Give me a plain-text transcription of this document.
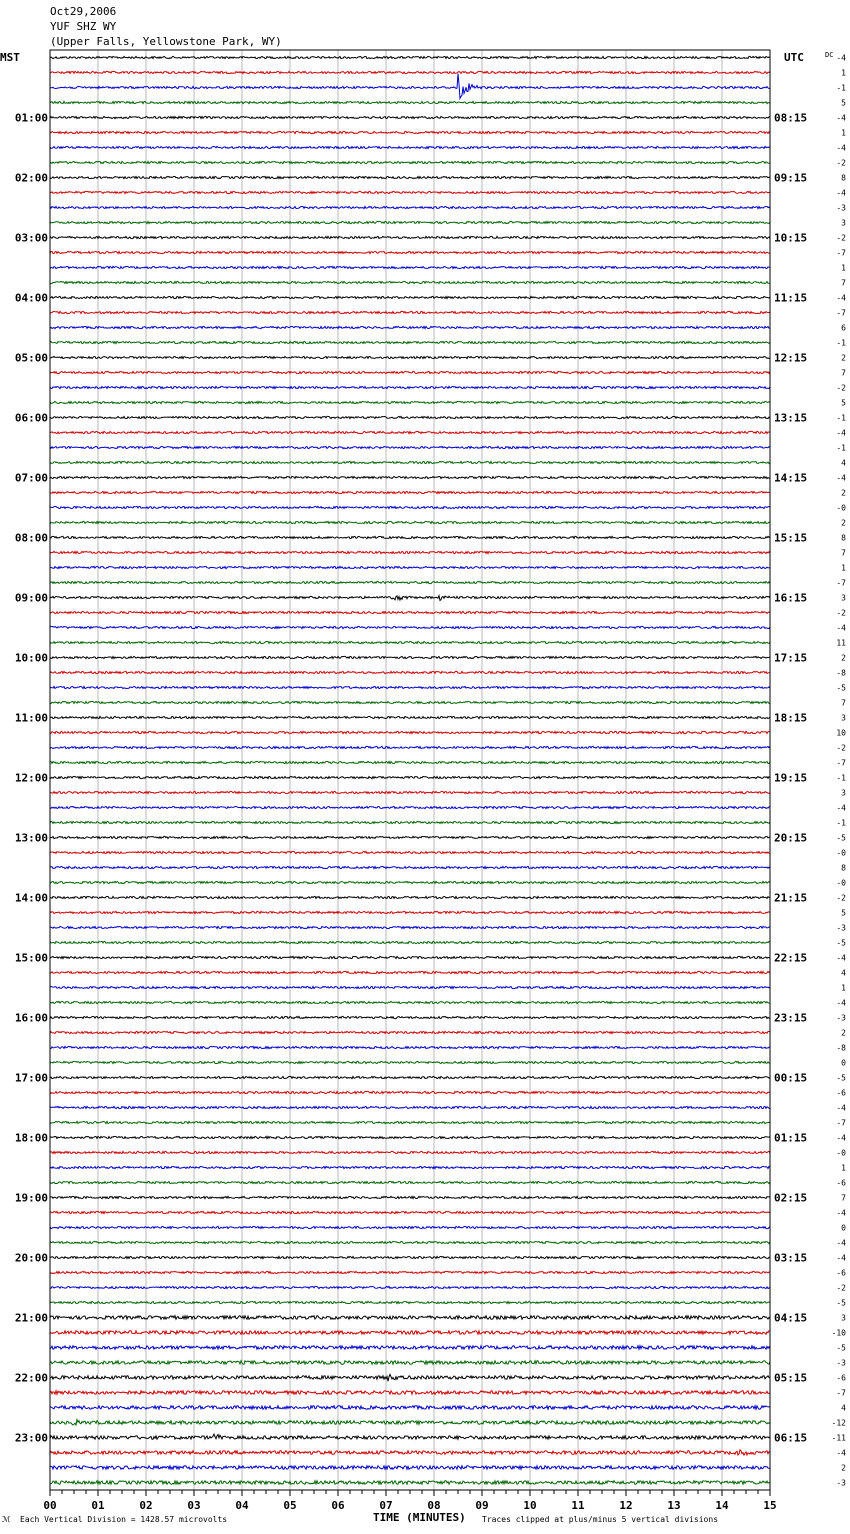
Oct29,2006
YUF SHZ WY
(Upper Falls, Yellowstone Park, WY)
00	01	02	03	04	05	06	07	08	09	10	11	12	13	14	15
-4
1
-1
5
-4
1
-4
-2
8
-4
-3
3
-2
-7
1
7
-4
-7
6
-1
2
7
-2
5
-1
-4
-1
4
-4
2
-0
2
8
7
1
-7
3
-2
-4
11
2
-8
-5
7
3
10
-2
-7
-1
3
-4
-1
-5
-0
8
-0
-2
5
-3
-5
-4
4
1
-4
-3
2
-8
0
-5
-6
-4
-7
-4
-0
1
-6
7
-4
0
-4
-4
-6
-2
-5
3
-10
-5
-3
-6
-7
4
-12
-11
-4
2
-3
MST	UTC	DC
01:00
02:00
03:00
04:00
05:00
06:00
07:00
08:00
09:00
10:00
11:00
12:00
13:00
14:00
15:00
16:00
17:00
18:00
19:00
20:00
21:00
22:00
23:00
08:15
09:15
10:15
11:15
12:15
13:15
14:15
15:15
16:15
17:15
18:15
19:15
20:15
21:15
22:15
23:15
00:15
01:15
02:15
03:15
04:15
05:15
06:15
TIME (MINUTES)
ℳ Each Vertical Division = 1428.57 microvolts	Traces clipped at plus/minus 5 vertical divisions
